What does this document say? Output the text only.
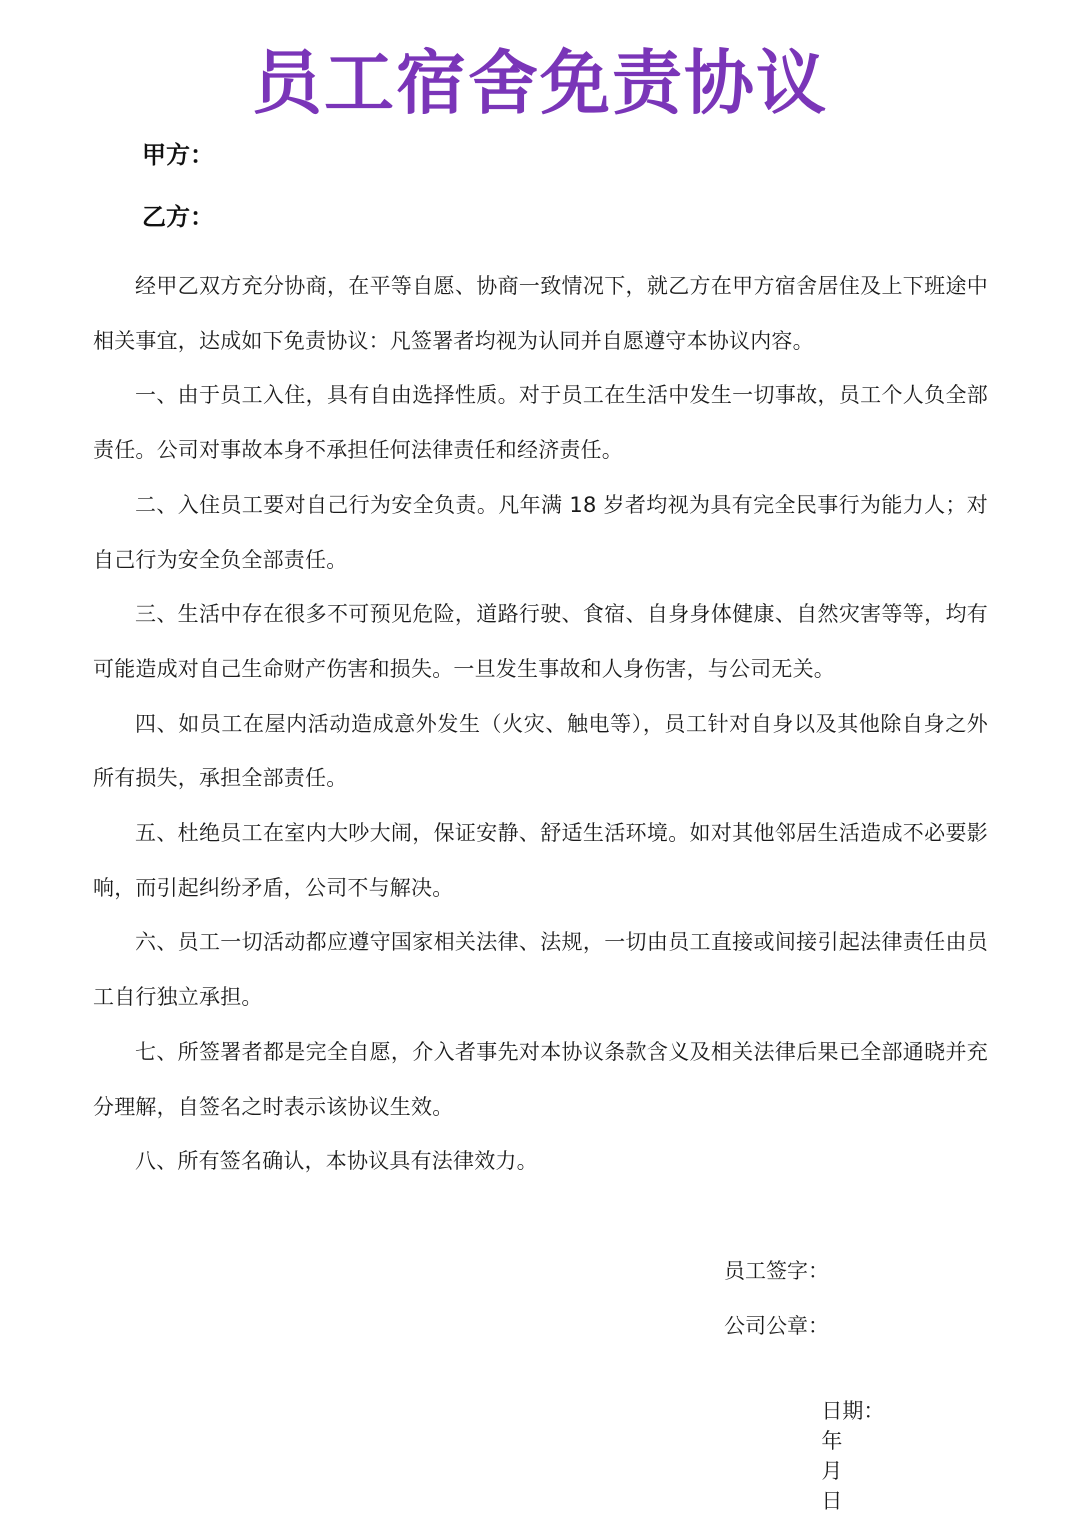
员工宿舍免责协议
甲方：
乙方：

经甲乙双方充分协商，在平等自愿、协商一致情况下，就乙方在甲方宿舍居住及上下班途中相关事宜，达成如下免责协议：凡签署者均视为认同并自愿遵守本协议内容。

一、由于员工入住，具有自由选择性质。对于员工在生活中发生一切事故，员工个人负全部责任。公司对事故本身不承担任何法律责任和经济责任。

二、入住员工要对自己行为安全负责。凡年满 18 岁者均视为具有完全民事行为能力人；对自己行为安全负全部责任。

三、生活中存在很多不可预见危险，道路行驶、食宿、自身身体健康、自然灾害等等，均有可能造成对自己生命财产伤害和损失。一旦发生事故和人身伤害，与公司无关。

四、如员工在屋内活动造成意外发生（火灾、触电等），员工针对自身以及其他除自身之外所有损失，承担全部责任。

五、杜绝员工在室内大吵大闹，保证安静、舒适生活环境。如对其他邻居生活造成不必要影响，而引起纠纷矛盾，公司不与解决。

六、员工一切活动都应遵守国家相关法律、法规，一切由员工直接或间接引起法律责任由员工自行独立承担。

七、所签署者都是完全自愿，介入者事先对本协议条款含义及相关法律后果已全部通晓并充分理解，自签名之时表示该协议生效。

八、所有签名确认，本协议具有法律效力。

员工签字：
公司公章：

日期：
年
月
日
